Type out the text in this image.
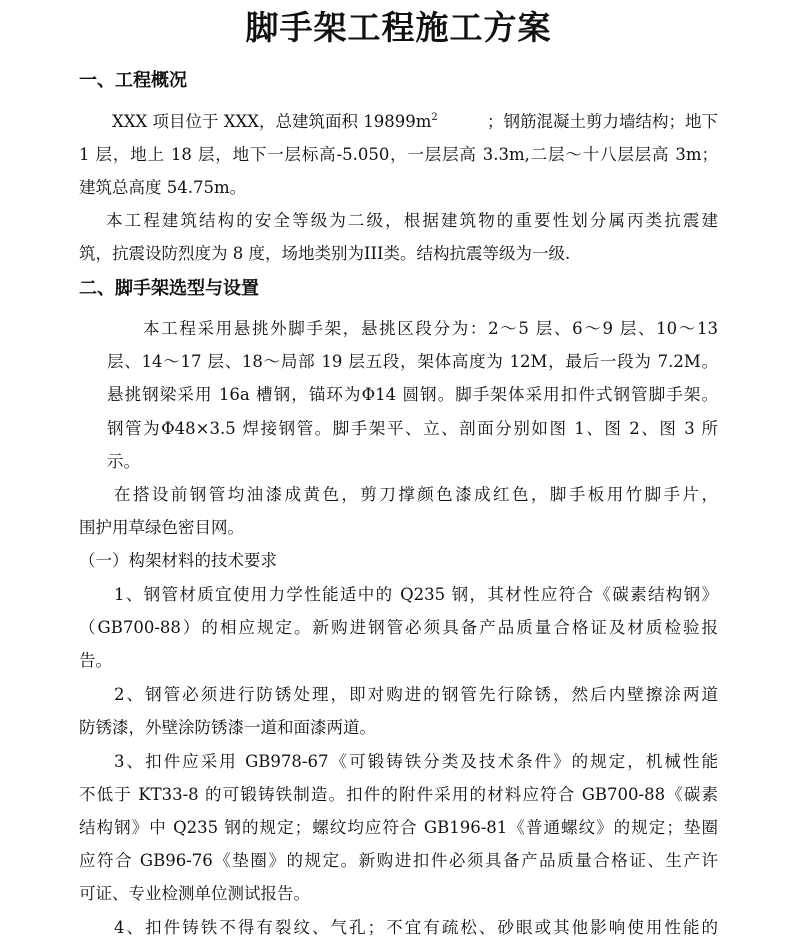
脚手架工程施工方案
一、工程概况
XXX 项目位于 XXX，总建筑面积 $19899m^2$	；钢筋混凝土剪力墙结构；地下
1 层，地上 18 层，地下一层标高-5.050，一层层高 3.3m,二层～十八层层高 3m；
建筑总高度 54.75m。
本工程建筑结构的安全等级为二级，根据建筑物的重要性划分属丙类抗震建
筑，抗震设防烈度为 8 度，场地类别为III类。结构抗震等级为一级.
二、脚手架选型与设置
本工程采用悬挑外脚手架，悬挑区段分为：2～5 层、6～9 层、10～13
层、14～17 层、18～局部 19 层五段，架体高度为 12M，最后一段为 7.2M。
悬挑钢梁采用 16a 槽钢，锚环为Φ14 圆钢。脚手架体采用扣件式钢管脚手架。
钢管为Φ48×3.5 焊接钢管。脚手架平、立、剖面分别如图 1、图 2、图 3 所
示。
在搭设前钢管均油漆成黄色，剪刀撑颜色漆成红色，脚手板用竹脚手片，
围护用草绿色密目网。
（一）构架材料的技术要求
1、钢管材质宜使用力学性能适中的 Q235 钢，其材性应符合《碳素结构钢》
（GB700-88）的相应规定。新购进钢管必须具备产品质量合格证及材质检验报
告。
2、钢管必须进行防锈处理，即对购进的钢管先行除锈，然后内壁擦涂两道
防锈漆，外壁涂防锈漆一道和面漆两道。
3、扣件应采用 GB978-67《可锻铸铁分类及技术条件》的规定，机械性能
不低于 KT33-8 的可锻铸铁制造。扣件的附件采用的材料应符合 GB700-88《碳素
结构钢》中 Q235 钢的规定；螺纹均应符合 GB196-81《普通螺纹》的规定；垫圈
应符合 GB96-76《垫圈》的规定。新购进扣件必须具备产品质量合格证、生产许
可证、专业检测单位测试报告。
4、扣件铸铁不得有裂纹、气孔；不宜有疏松、砂眼或其他影响使用性能的
